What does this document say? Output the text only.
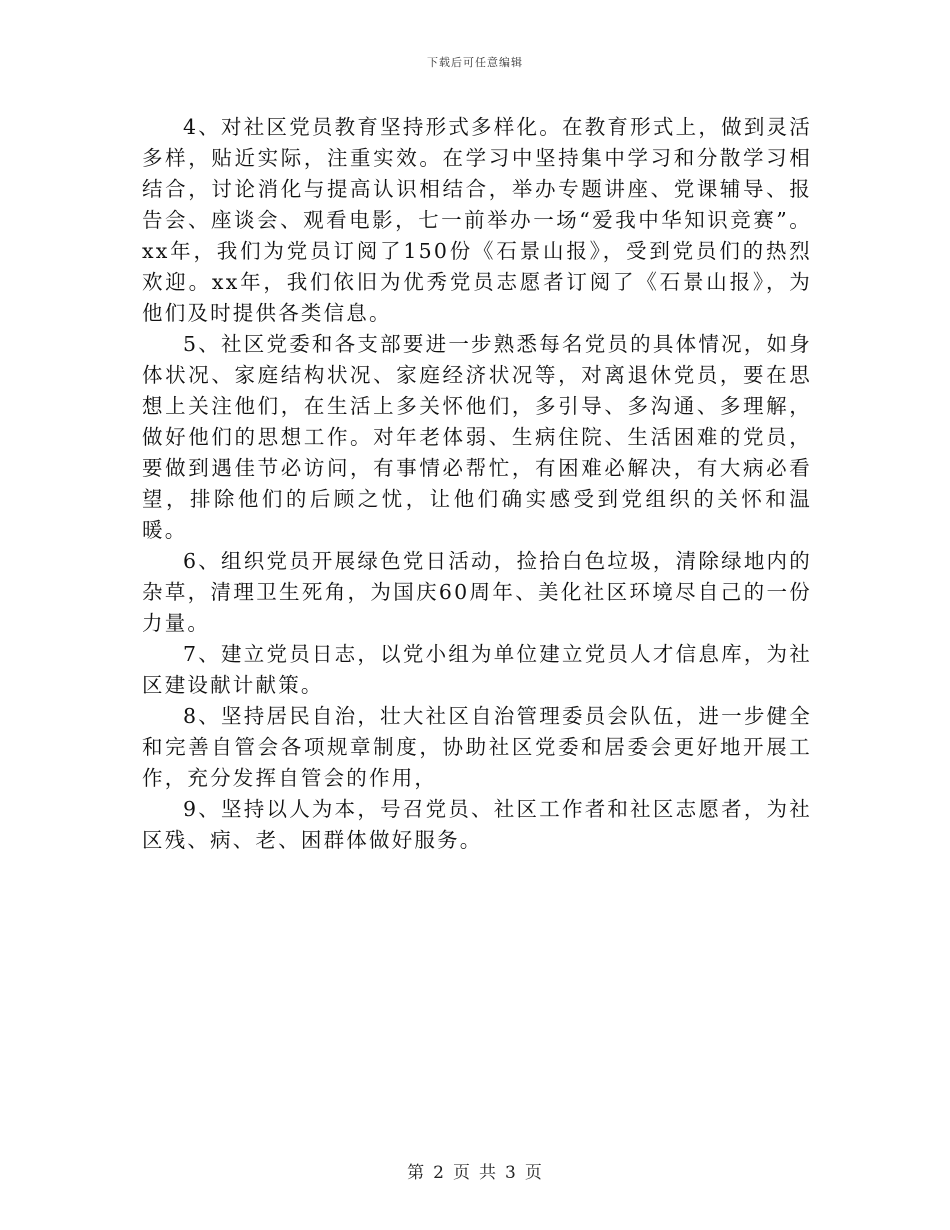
下载后可任意编辑

4、对社区党员教育坚持形式多样化。在教育形式上，做到灵活多样，贴近实际，注重实效。在学习中坚持集中学习和分散学习相结合，讨论消化与提高认识相结合，举办专题讲座、党课辅导、报告会、座谈会、观看电影，七一前举办一场“爱我中华知识竞赛”。xx年，我们为党员订阅了150份《石景山报》，受到党员们的热烈欢迎。xx年，我们依旧为优秀党员志愿者订阅了《石景山报》，为他们及时提供各类信息。

5、社区党委和各支部要进一步熟悉每名党员的具体情况，如身体状况、家庭结构状况、家庭经济状况等，对离退休党员，要在思想上关注他们，在生活上多关怀他们，多引导、多沟通、多理解，做好他们的思想工作。对年老体弱、生病住院、生活困难的党员，要做到遇佳节必访问，有事情必帮忙，有困难必解决，有大病必看望，排除他们的后顾之忧，让他们确实感受到党组织的关怀和温暖。

6、组织党员开展绿色党日活动，捡拾白色垃圾，清除绿地内的杂草，清理卫生死角，为国庆60周年、美化社区环境尽自己的一份力量。

7、建立党员日志，以党小组为单位建立党员人才信息库，为社区建设献计献策。

8、坚持居民自治，壮大社区自治管理委员会队伍，进一步健全和完善自管会各项规章制度，协助社区党委和居委会更好地开展工作，充分发挥自管会的作用，

9、坚持以人为本，号召党员、社区工作者和社区志愿者，为社区残、病、老、困群体做好服务。

第 2 页 共 3 页
